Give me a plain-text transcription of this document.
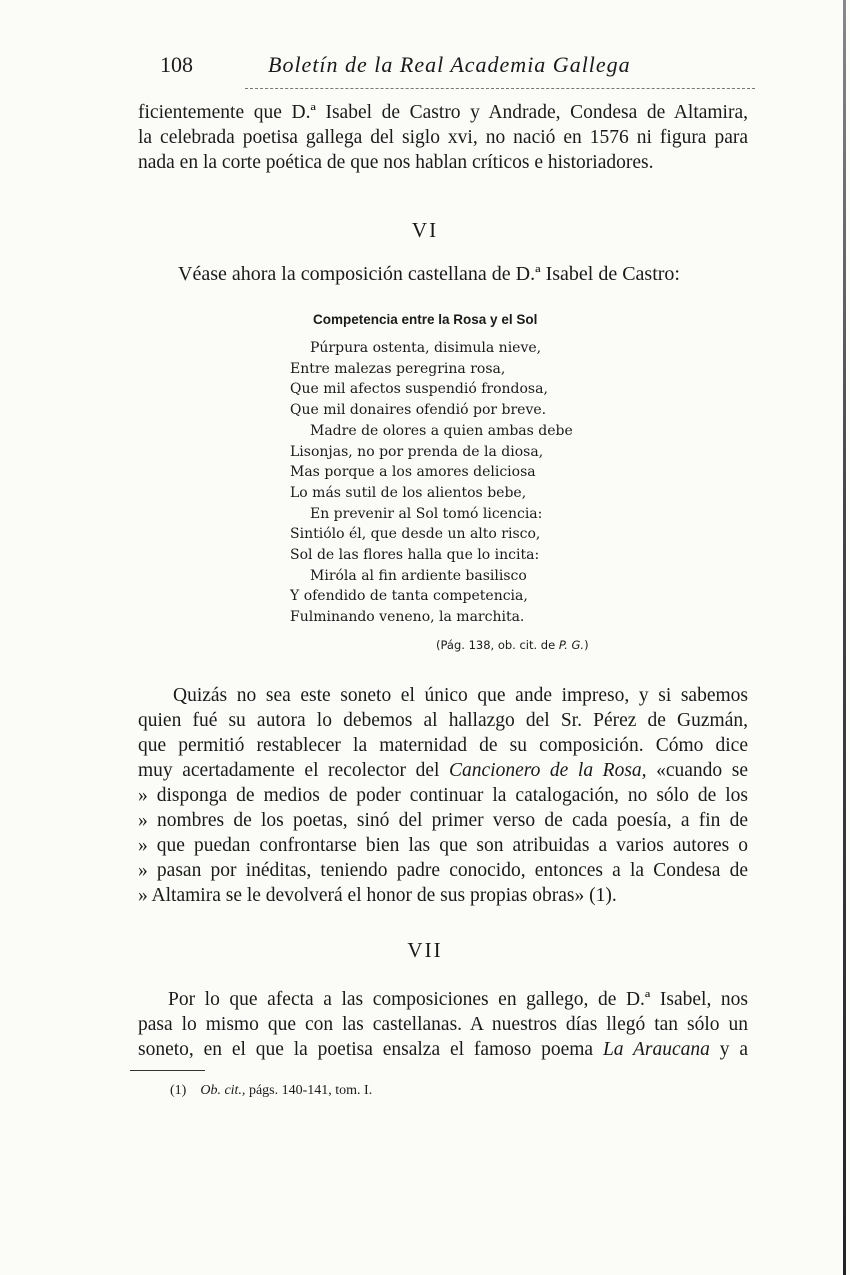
108	Boletín de la Real Academia Gallega

ficientemente que D.ª Isabel de Castro y Andrade, Condesa de Altamira,
la celebrada poetisa gallega del siglo xvi, no nació en 1576 ni figura para
nada en la corte poética de que nos hablan críticos e historiadores.

VI
Véase ahora la composición castellana de D.ª Isabel de Castro:
Competencia entre la Rosa y el Sol
Púrpura ostenta, disimula nieve,
Entre malezas peregrina rosa,
Que mil afectos suspendió frondosa,
Que mil donaires ofendió por breve.
Madre de olores a quien ambas debe
Lisonjas, no por prenda de la diosa,
Mas porque a los amores deliciosa
Lo más sutil de los alientos bebe,
En prevenir al Sol tomó licencia:
Sintiólo él, que desde un alto risco,
Sol de las flores halla que lo incita:
Miróla al fin ardiente basilisco
Y ofendido de tanta competencia,
Fulminando veneno, la marchita.
(Pág. 138, ob. cit. de P. G.)

Quizás no sea este soneto el único que ande impreso, y si sabemos
quien fué su autora lo debemos al hallazgo del Sr. Pérez de Guzmán,
que permitió restablecer la maternidad de su composición. Cómo dice
muy acertadamente el recolector del Cancionero de la Rosa, «cuando se
» disponga de medios de poder continuar la catalogación, no sólo de los
» nombres de los poetas, sinó del primer verso de cada poesía, a fin de
» que puedan confrontarse bien las que son atribuidas a varios autores o
» pasan por inéditas, teniendo padre conocido, entonces a la Condesa de
» Altamira se le devolverá el honor de sus propias obras» (1).

VII

Por lo que afecta a las composiciones en gallego, de D.ª Isabel, nos
pasa lo mismo que con las castellanas. A nuestros días llegó tan sólo un
soneto, en el que la poetisa ensalza el famoso poema La Araucana y a

(1) Ob. cit., págs. 140-141, tom. I.
